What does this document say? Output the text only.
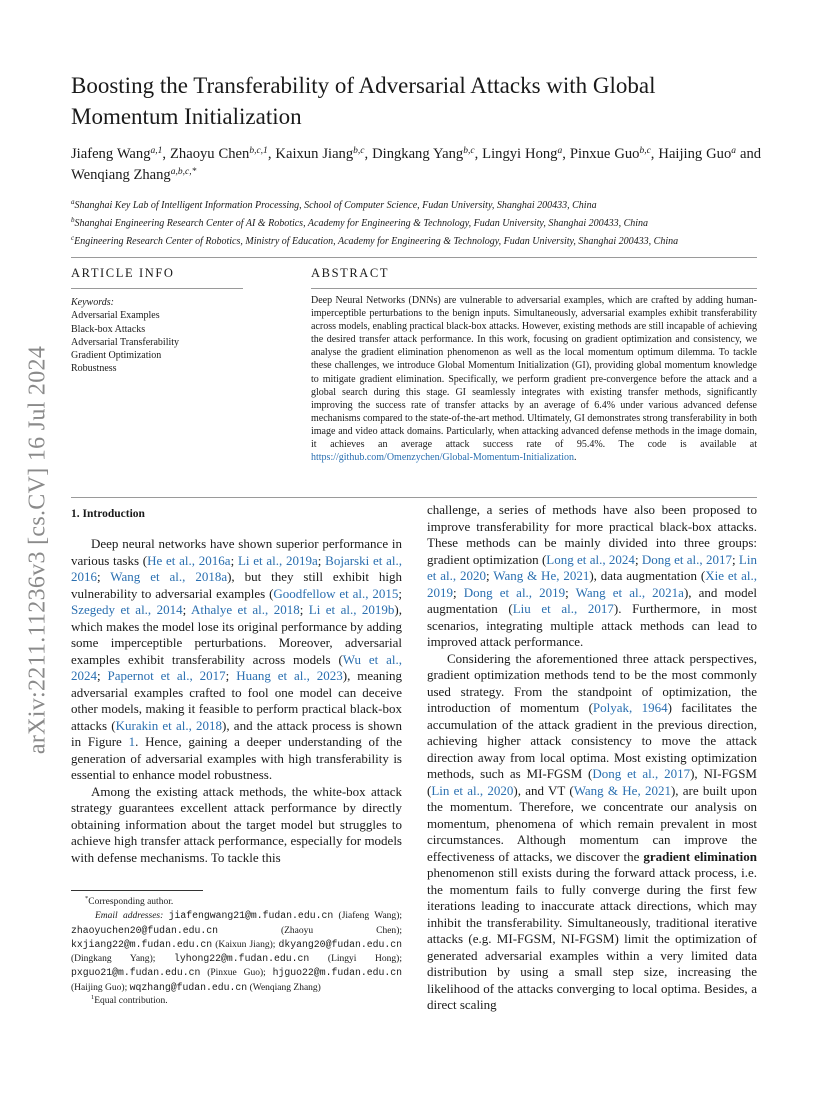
arXiv:2211.11236v3 [cs.CV] 16 Jul 2024
Boosting the Transferability of Adversarial Attacks with Global Momentum Initialization
Jiafeng Wang$^{a,1}$, Zhaoyu Chen$^{b,c,1}$, Kaixun Jiang$^{b,c}$, Dingkang Yang$^{b,c}$, Lingyi Hong$^a$, Pinxue Guo$^{b,c}$, Haijing Guo$^a$ and Wenqiang Zhang$^{a,b,c,*}$
$^a$Shanghai Key Lab of Intelligent Information Processing, School of Computer Science, Fudan University, Shanghai 200433, China
$^b$Shanghai Engineering Research Center of AI & Robotics, Academy for Engineering & Technology, Fudan University, Shanghai 200433, China
$^c$Engineering Research Center of Robotics, Ministry of Education, Academy for Engineering & Technology, Fudan University, Shanghai 200433, China
ARTICLE INFO
Keywords:
Adversarial Examples
Black-box Attacks
Adversarial Transferability
Gradient Optimization
Robustness
ABSTRACT
Deep Neural Networks (DNNs) are vulnerable to adversarial examples, which are crafted by adding human-imperceptible perturbations to the benign inputs. Simultaneously, adversarial examples exhibit transferability across models, enabling practical black-box attacks. However, existing methods are still incapable of achieving the desired transfer attack performance. In this work, focusing on gradient optimization and consistency, we analyse the gradient elimination phenomenon as well as the local momentum optimum dilemma. To tackle these challenges, we introduce Global Momentum Initialization (GI), providing global momentum knowledge to mitigate gradient elimination. Specifically, we perform gradient pre-convergence before the attack and a global search during this stage. GI seamlessly integrates with existing transfer methods, significantly improving the success rate of transfer attacks by an average of 6.4% under various advanced defense mechanisms compared to the state-of-the-art method. Ultimately, GI demonstrates strong transferability in both image and video attack domains. Particularly, when attacking advanced defense methods in the image domain, it achieves an average attack success rate of 95.4%. The code is available at https://github.com/Omenzychen/Global-Momentum-Initialization.
1. Introduction

Deep neural networks have shown superior performance in various tasks (He et al., 2016a; Li et al., 2019a; Bojarski et al., 2016; Wang et al., 2018a), but they still exhibit high vulnerability to adversarial examples (Goodfellow et al., 2015; Szegedy et al., 2014; Athalye et al., 2018; Li et al., 2019b), which makes the model lose its original performance by adding some imperceptible perturbations. Moreover, adversarial examples exhibit transferability across models (Wu et al., 2024; Papernot et al., 2017; Huang et al., 2023), meaning adversarial examples crafted to fool one model can deceive other models, making it feasible to perform practical black-box attacks (Kurakin et al., 2018), and the attack process is shown in Figure 1. Hence, gaining a deeper understanding of the generation of adversarial examples with high transferability is essential to enhance model robustness.

Among the existing attack methods, the white-box attack strategy guarantees excellent attack performance by directly obtaining information about the target model but struggles to achieve high transfer attack performance, especially for models with defense mechanisms. To tackle this

challenge, a series of methods have also been proposed to improve transferability for more practical black-box attacks. These methods can be mainly divided into three groups: gradient optimization (Long et al., 2024; Dong et al., 2017; Lin et al., 2020; Wang & He, 2021), data augmentation (Xie et al., 2019; Dong et al., 2019; Wang et al., 2021a), and model augmentation (Liu et al., 2017). Furthermore, in most scenarios, integrating multiple attack methods can lead to improved attack performance.

Considering the aforementioned three attack perspectives, gradient optimization methods tend to be the most commonly used strategy. From the standpoint of optimization, the introduction of momentum (Polyak, 1964) facilitates the accumulation of the attack gradient in the previous direction, achieving higher attack consistency to move the attack direction away from local optima. Most existing optimization methods, such as MI-FGSM (Dong et al., 2017), NI-FGSM (Lin et al., 2020), and VT (Wang & He, 2021), are built upon the momentum. Therefore, we concentrate our analysis on momentum, phenomena of which remain prevalent in most circumstances. Although momentum can improve the effectiveness of attacks, we discover the gradient elimination phenomenon still exists during the forward attack process, i.e. the momentum fails to fully converge during the first few iterations leading to inaccurate attack directions, which may inhibit the transferability. Simultaneously, traditional iterative attacks (e.g. MI-FGSM, NI-FGSM) limit the optimization of generated adversarial examples within a very limited data distribution by using a small step size, increasing the likelihood of the attacks converging to local optima. Besides, a direct scaling

*Corresponding author.

Email addresses: jiafengwang21@m.fudan.edu.cn (Jiafeng Wang); zhaoyuchen20@fudan.edu.cn (Zhaoyu Chen); kxjiang22@m.fudan.edu.cn (Kaixun Jiang); dkyang20@fudan.edu.cn (Dingkang Yang); lyhong22@m.fudan.edu.cn (Lingyi Hong); pxguo21@m.fudan.edu.cn (Pinxue Guo); hjguo22@m.fudan.edu.cn (Haijing Guo); wqzhang@fudan.edu.cn (Wenqiang Zhang)

$^1$Equal contribution.
